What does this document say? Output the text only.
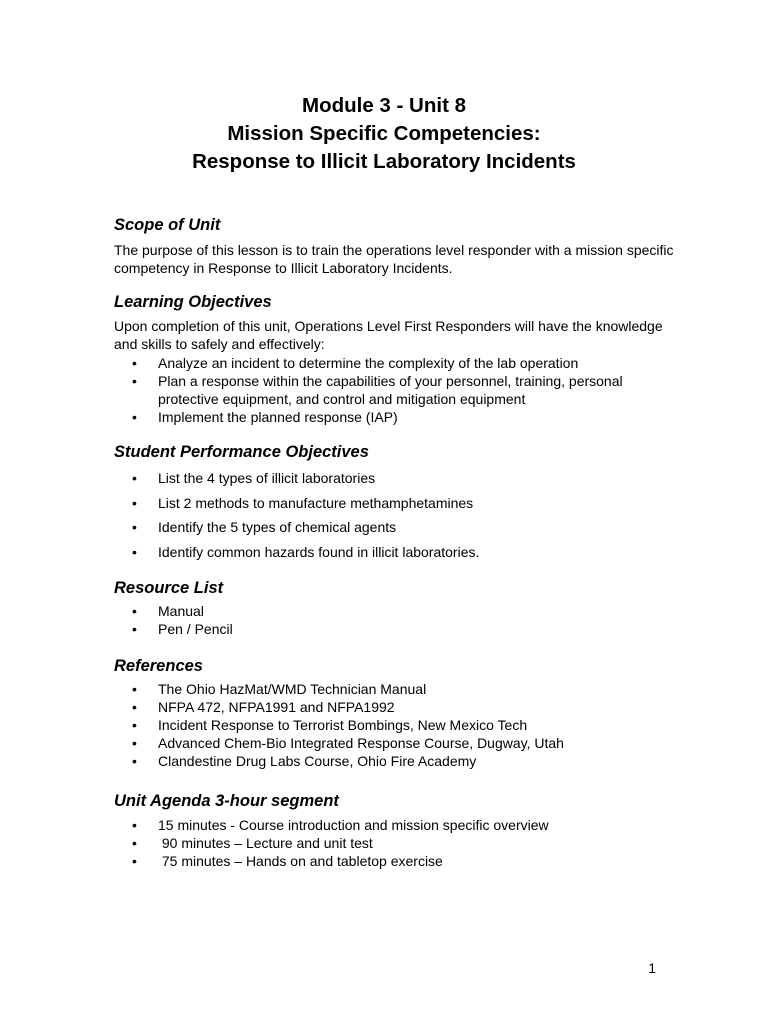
Module 3 - Unit 8

Mission Specific Competencies:

Response to Illicit Laboratory Incidents

Scope of Unit

The purpose of this lesson is to train the operations level responder with a mission specific competency in Response to Illicit Laboratory Incidents.

Learning Objectives

Upon completion of this unit, Operations Level First Responders will have the knowledge and skills to safely and effectively:

• Analyze an incident to determine the complexity of the lab operation
• Plan a response within the capabilities of your personnel, training, personal protective equipment, and control and mitigation equipment
• Implement the planned response (IAP)

Student Performance Objectives

• List the 4 types of illicit laboratories
• List 2 methods to manufacture methamphetamines
• Identify the 5 types of chemical agents
• Identify common hazards found in illicit laboratories.

Resource List

• Manual
• Pen / Pencil

References

• The Ohio HazMat/WMD Technician Manual
• NFPA 472, NFPA1991 and NFPA1992
• Incident Response to Terrorist Bombings, New Mexico Tech
• Advanced Chem-Bio Integrated Response Course, Dugway, Utah
• Clandestine Drug Labs Course, Ohio Fire Academy

Unit Agenda 3-hour segment

• 15 minutes - Course introduction and mission specific overview
•  90 minutes – Lecture and unit test
•  75 minutes – Hands on and tabletop exercise
1
